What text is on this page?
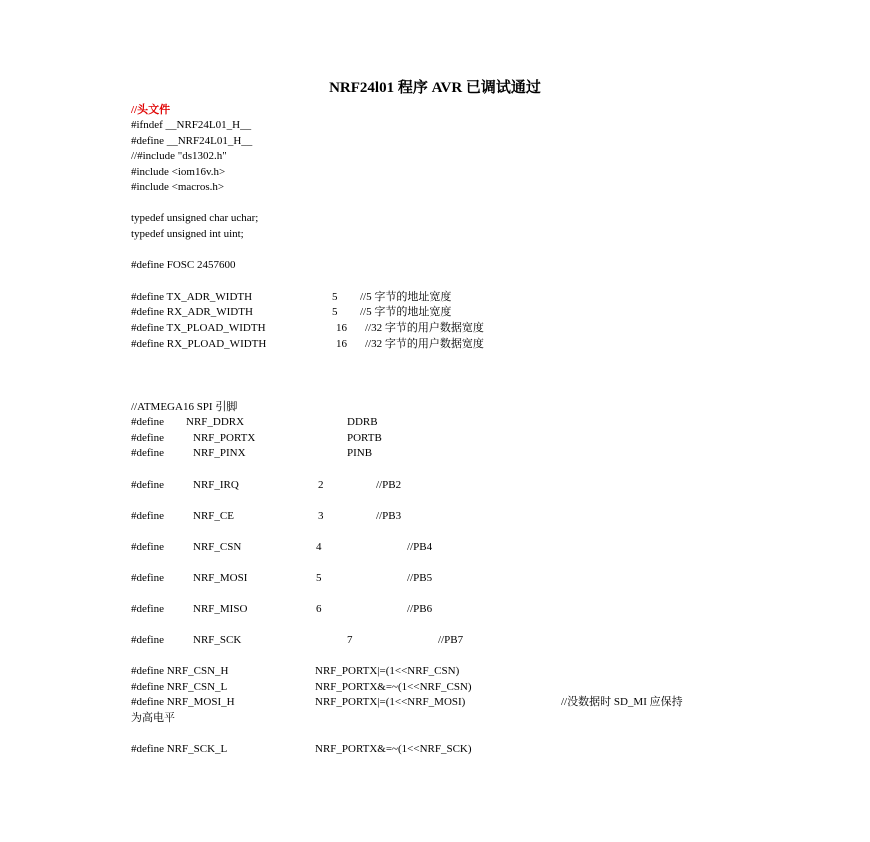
NRF24l01 程序 AVR 已调试通过
//头文件
#ifndef __NRF24L01_H__
#define __NRF24L01_H__
//#include "ds1302.h"
#include <iom16v.h>
#include <macros.h>
typedef unsigned char uchar;
typedef unsigned int uint;
#define FOSC 2457600
#define TX_ADR_WIDTH	5 //5 字节的地址宽度
#define RX_ADR_WIDTH	5 //5 字节的地址宽度
#define TX_PLOAD_WIDTH	16 //32 字节的用户数据宽度
#define RX_PLOAD_WIDTH	16 //32 字节的用户数据宽度
//ATMEGA16 SPI 引脚
#define NRF_DDRX	DDRB
#define	NRF_PORTX	PORTB
#define	NRF_PINX	PINB
#define	NRF_IRQ	2	//PB2
#define	NRF_CE	3	//PB3
#define	NRF_CSN	4	//PB4
#define	NRF_MOSI	5	//PB5
#define	NRF_MISO	6	//PB6
#define	NRF_SCK	7	//PB7
#define NRF_CSN_H	NRF_PORTX|=(1<<NRF_CSN)
#define NRF_CSN_L	NRF_PORTX&=~(1<<NRF_CSN)
#define NRF_MOSI_H	NRF_PORTX|=(1<<NRF_MOSI)	//没数据时 SD_MI 应保持
为高电平
#define NRF_SCK_L	NRF_PORTX&=~(1<<NRF_SCK)
